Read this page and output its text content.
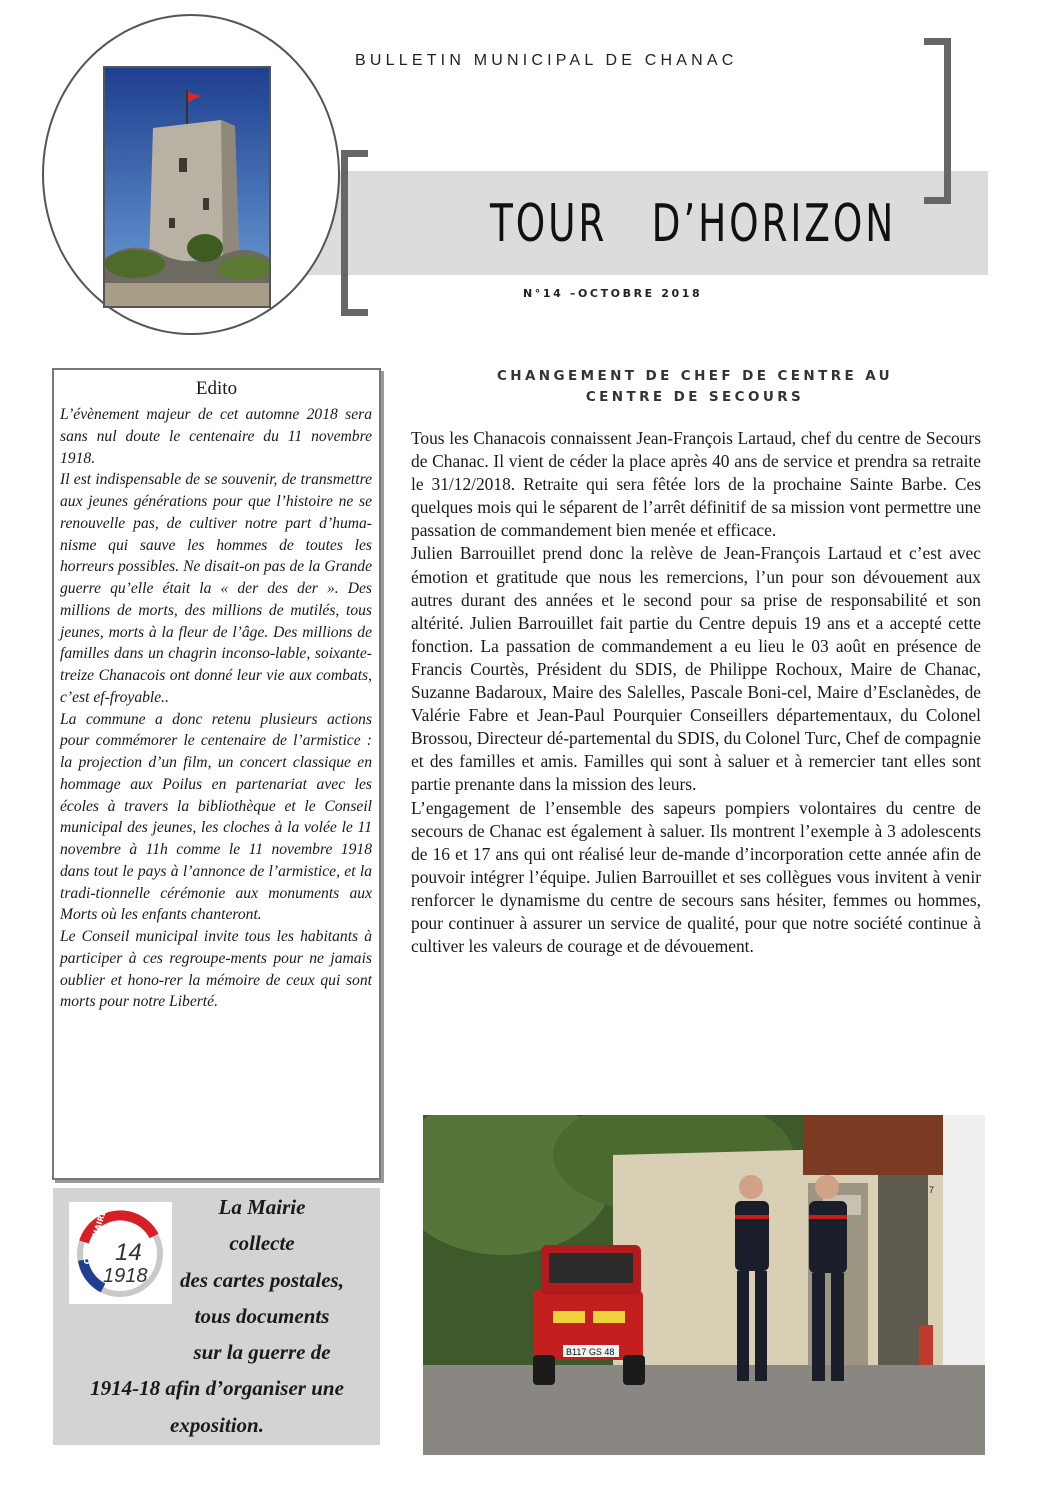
BULLETIN MUNICIPAL DE CHANAC
TOUR   D’HORIZON
N°14 –OCTOBRE 2018
Edito

L’évènement majeur de cet automne 2018 sera sans nul doute le centenaire du 11 novembre 1918.

Il est indispensable de se souvenir, de transmettre aux jeunes générations pour que l’histoire ne se renouvelle pas, de cultiver notre part d’huma-nisme qui sauve les hommes de toutes les horreurs possibles. Ne disait-on pas de la Grande guerre qu’elle était la « der des der ». Des millions de morts, des millions de mutilés, tous jeunes, morts à la fleur de l’âge. Des millions de familles dans un chagrin inconso-lable, soixante-treize Chanacois ont donné leur vie aux combats, c’est ef-froyable..

La commune a donc retenu plusieurs actions pour commémorer le centenaire de l’armistice : la projection d’un film, un concert classique en hommage aux Poilus en partenariat avec les écoles à travers la bibliothèque et le Conseil municipal des jeunes, les cloches à la volée le 11 novembre à 11h comme le 11 novembre 1918 dans tout le pays à l’annonce de l’armistice, et la tradi-tionnelle cérémonie aux monuments aux Morts où les enfants chanteront.

Le Conseil municipal invite tous les habitants à participer à ces regroupe-ments pour ne jamais oublier et hono-rer la mémoire de ceux qui sont morts pour notre Liberté.

CENTENAIRE 14
1918
La Mairie
collecte
des cartes postales,
tous documents
sur la guerre de
1914-18 afin d’organiser une
exposition.
CHANGEMENT DE CHEF DE CENTRE AU
CENTRE DE SECOURS

Tous les Chanacois connaissent Jean-François Lartaud, chef du centre de Secours de Chanac. Il vient de céder la place après 40 ans de service et prendra sa retraite le 31/12/2018. Retraite qui sera fêtée lors de la prochaine Sainte Barbe. Ces quelques mois qui le séparent de l’arrêt définitif de sa mission vont permettre une passation de commandement bien menée et efficace.

Julien Barrouillet prend donc la relève de Jean-François Lartaud et c’est avec émotion et gratitude que nous les remercions, l’un pour son dévouement aux autres durant des années et le second pour sa prise de responsabilité et son altérité. Julien Barrouillet fait partie du Centre depuis 19 ans et a accepté cette fonction. La passation de commandement a eu lieu le 03 août en présence de Francis Courtès, Président du SDIS, de Philippe Rochoux, Maire de Chanac, Suzanne Badaroux, Maire des Salelles, Pascale Boni-cel, Maire d’Esclanèdes, de Valérie Fabre et Jean-Paul Pourquier Conseillers départementaux, du Colonel Brossou, Directeur dé-partemental du SDIS, du Colonel Turc, Chef de compagnie et des familles et amis. Familles qui sont à saluer et à remercier tant elles sont partie prenante dans la mission des leurs.

L’engagement de l’ensemble des sapeurs pompiers volontaires du centre de secours de Chanac est également à saluer. Ils montrent l’exemple à 3 adolescents de 16 et 17 ans qui ont réalisé leur de-mande d’incorporation cette année afin de pouvoir intégrer l’équipe. Julien Barrouillet et ses collègues vous invitent à venir renforcer le dynamisme du centre de secours sans hésiter, femmes ou hommes, pour continuer à assurer un service de qualité, pour que notre société continue à cultiver les valeurs de courage et de dévouement.

7
B117 GS 48
